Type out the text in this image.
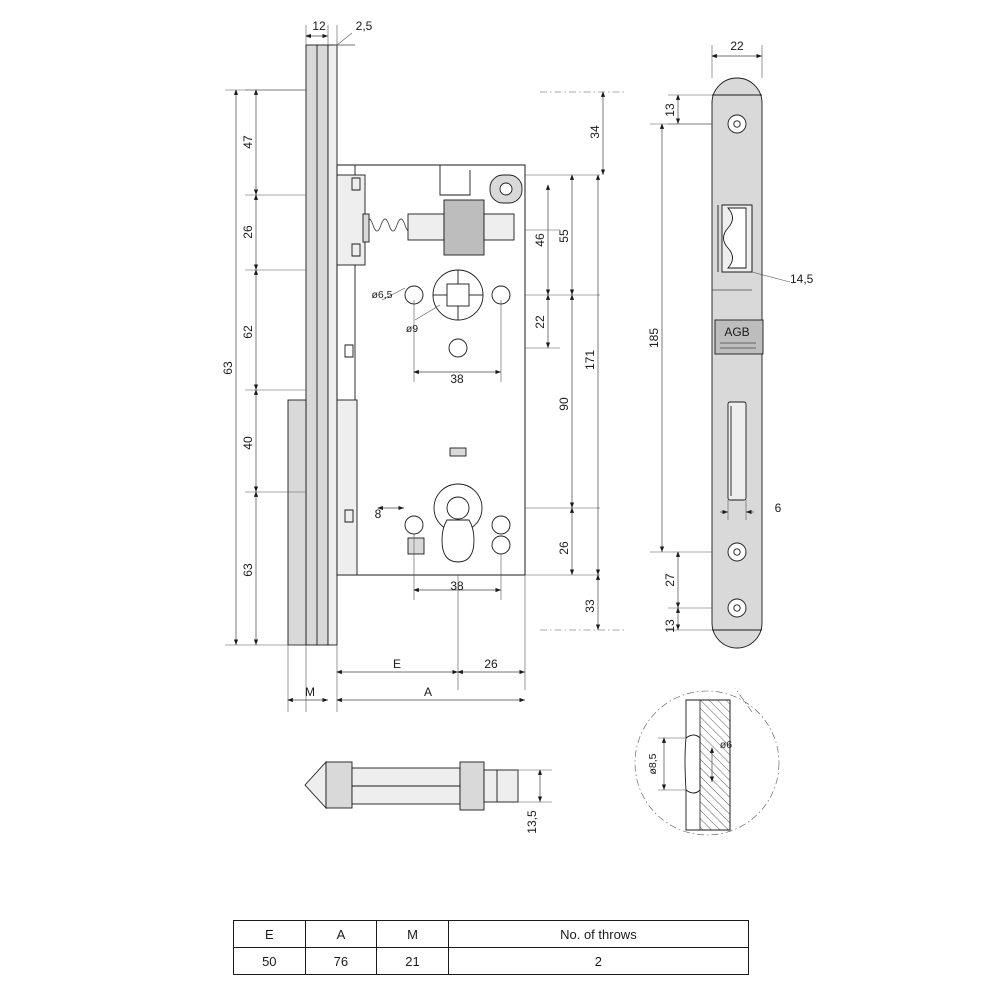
63
47
26
62
40
63
12 2,5
34
46 55
22
90
171
26
33
38
38
8
ø6,5
ø9
26
E
A
M
AGB
22
13
185
27
13
14,5
6
ø8,5
ø6
13,5
E	A	M	No. of throws
50	76	21	2
